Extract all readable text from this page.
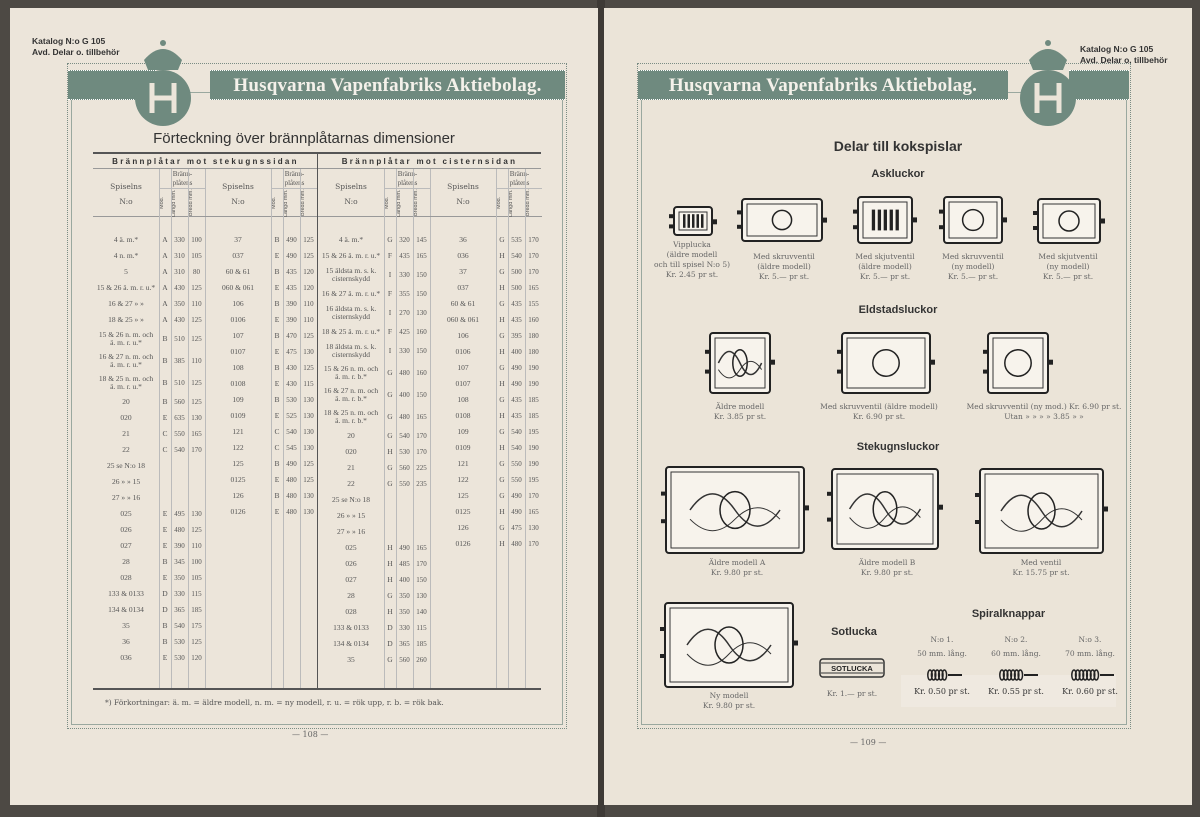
Katalog N:o G 105
Avd. Delar o. tillbehör
Husqvarna Vapenfabriks Aktiebolag.
Förteckning över brännplåtarnas dimensioner
Brännplåtar mot stekugnssidan	Brännplåtar mot cisternsidan
Spiselns
N:o
Bränn-
plåtens
Mod.	Längd mm.	Bredd mm.
4 ä. m.*	A 330 100
4 n. m.*	A 310 105
5	A 310	80
15 & 26 ä. m. r. u.* A 430 125
16 & 27 » »	A 350 110
18 & 25 » »	A 430 125
15 & 26 n. m. och
ä. m. r. u.*	B 510 125
16 & 27 n. m. och
ä. m. r. u.*	B 385 110
18 & 25 n. m. och
ä. m. r. u.*	B 510 125
20	B 560 125
020	E 635 130
21	C 550 165
22	C 540 170
25 se N:o 18
26 » » 15
27 » » 16
025	E 495 130
026	E 480 125
027	E 390 110
28	B 345 100
028	E 350 105
133 & 0133	D 330 115
134 & 0134	D 365 185
35	B 540 175
36	B 530 125
036	E 530 120
Spiselns
N:o
Bränn-
plåtens
Mod.	Längd mm.	Bredd mm.
37	B 490 125
037	E 490 125
60 & 61	B 435 120
060 & 061	E 435 120
106	B 390 110
0106	E 390 110
107	B 470 125
0107	E 475 130
108	B 430 125
0108	E 430 115
109	B 530 130
0109	E 525 130
121	C 540 130
122	C 545 130
125	B 490 125
0125	E 480 125
126	B 480 130
0126	E 480 130
Spiselns
N:o
Bränn-
plåtens
Mod.	Längd mm.	Bredd mm.
4 ä. m.*	G 320 145
15 & 26 ä. m. r. u.*	F	435 165
15 äldsta m. s. k.
cisternskydd	I	330 150
16 & 27 ä. m. r. u.*	F	355 150
16 äldsta m. s. k.
cisternskydd	I	270 130
18 & 25 ä. m. r. u.*	F	425 160
18 äldsta m. s. k.
cisternskydd	I	330 150
15 & 26 n. m. och
ä. m. r. b.*	G 480 160
16 & 27 n. m. och
ä. m. r. b.*	G 400 150
18 & 25 n. m. och
ä. m. r. b.*	G 480 165
20	G 540 170
020	H 530 170
21	G 560 225
22	G 550 235
25 se N:o 18
26 » » 15
27 » » 16
025	H 490 165
026	H 485 170
027	H 400 150
28	G 350 130
028	H 350 140
133 & 0133	D 330 115
134 & 0134	D 365 185
35	G 560 260
Spiselns
N:o
Bränn-
plåtens
Mod.	Längd mm.	Bredd mm.
36	G 535 170
036	H 540 170
37	G 500 170
037	H 500 165
60 & 61	G 435 155
060 & 061	H 435 160
106	G 395 180
0106	H 400 180
107	G 490 190
0107	H 490 190
108	G 435 185
0108	H 435 185
109	G 540 195
0109	H 540 190
121	G 550 190
122	G 550 195
125	G 490 170
0125	H 490 165
126	G 475 130
0126	H 480 170
*) Förkortningar: ä. m. = äldre modell, n. m. = ny modell, r. u. = rök upp, r. b. = rök bak.
— 108 —
Katalog N:o G 105
Avd. Delar o. tillbehör
Husqvarna Vapenfabriks Aktiebolag.
Delar till kokspislar
Askluckor
Vipplucka
(äldre modell
och till spisel N:o 5)
Kr. 2.45 pr st.
Med skruvventil
(äldre modell)
Kr. 5.— pr st.
Med skjutventil
(äldre modell)
Kr. 5.— pr st.
Med skruvventil
(ny modell)
Kr. 5.— pr st.
Med skjutventil
(ny modell)
Kr. 5.— pr st.
Eldstadsluckor
Äldre modell
Kr. 3.85 pr st.
Med skruvventil (äldre modell)
Kr. 6.90 pr st.
Med skruvventil (ny mod.) Kr. 6.90 pr st.
Utan » » » » 3.85 » »
Stekugnsluckor
Äldre modell A
Kr. 9.80 pr st.
Äldre modell B
Kr. 9.80 pr st.
Med ventil
Kr. 15.75 pr st.
Ny modell
Kr. 9.80 pr st.
Sotlucka
SOTLUCKA
Kr. 1.— pr st.
Spiralknappar
N:o 1.
50 mm. lång.
Kr. 0.50 pr st.
N:o 2.
60 mm. lång.
Kr. 0.55 pr st.
N:o 3.
70 mm. lång.
Kr. 0.60 pr st.
— 109 —
